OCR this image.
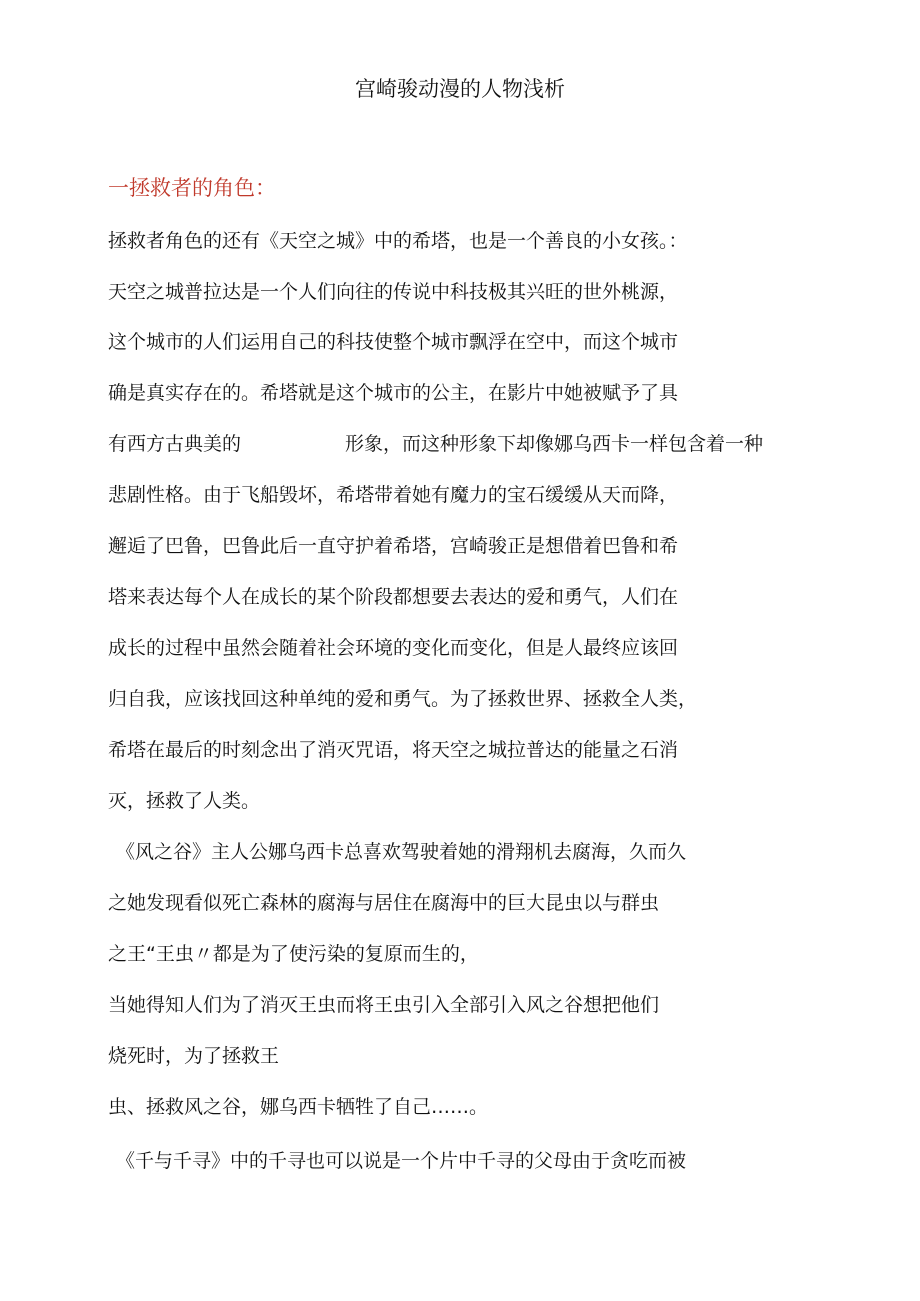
宫崎骏动漫的人物浅析
一拯救者的角色：
拯救者角色的还有《天空之城》中的希塔，也是一个善良的小女孩。：
天空之城普拉达是一个人们向往的传说中科技极其兴旺的世外桃源，
这个城市的人们运用自己的科技使整个城市飘浮在空中，而这个城市
确是真实存在的。希塔就是这个城市的公主，在影片中她被赋予了具
有西方古典美的	形象，而这种形象下却像娜乌西卡一样包含着一种
悲剧性格。由于飞船毁坏，希塔带着她有魔力的宝石缓缓从天而降，
邂逅了巴鲁，巴鲁此后一直守护着希塔，宫崎骏正是想借着巴鲁和希
塔来表达每个人在成长的某个阶段都想要去表达的爱和勇气，人们在
成长的过程中虽然会随着社会环境的变化而变化，但是人最终应该回
归自我，应该找回这种单纯的爱和勇气。为了拯救世界、拯救全人类，
希塔在最后的时刻念出了消灭咒语，将天空之城拉普达的能量之石消
灭，拯救了人类。
《风之谷》主人公娜乌西卡总喜欢驾驶着她的滑翔机去腐海，久而久
之她发现看似死亡森林的腐海与居住在腐海中的巨大昆虫以与群虫
之王“王虫〃都是为了使污染的复原而生的，
当她得知人们为了消灭王虫而将王虫引入全部引入风之谷想把他们
烧死时，为了拯救王
虫、拯救风之谷，娜乌西卡牺牲了自己……。
《千与千寻》中的千寻也可以说是一个片中千寻的父母由于贪吃而被
